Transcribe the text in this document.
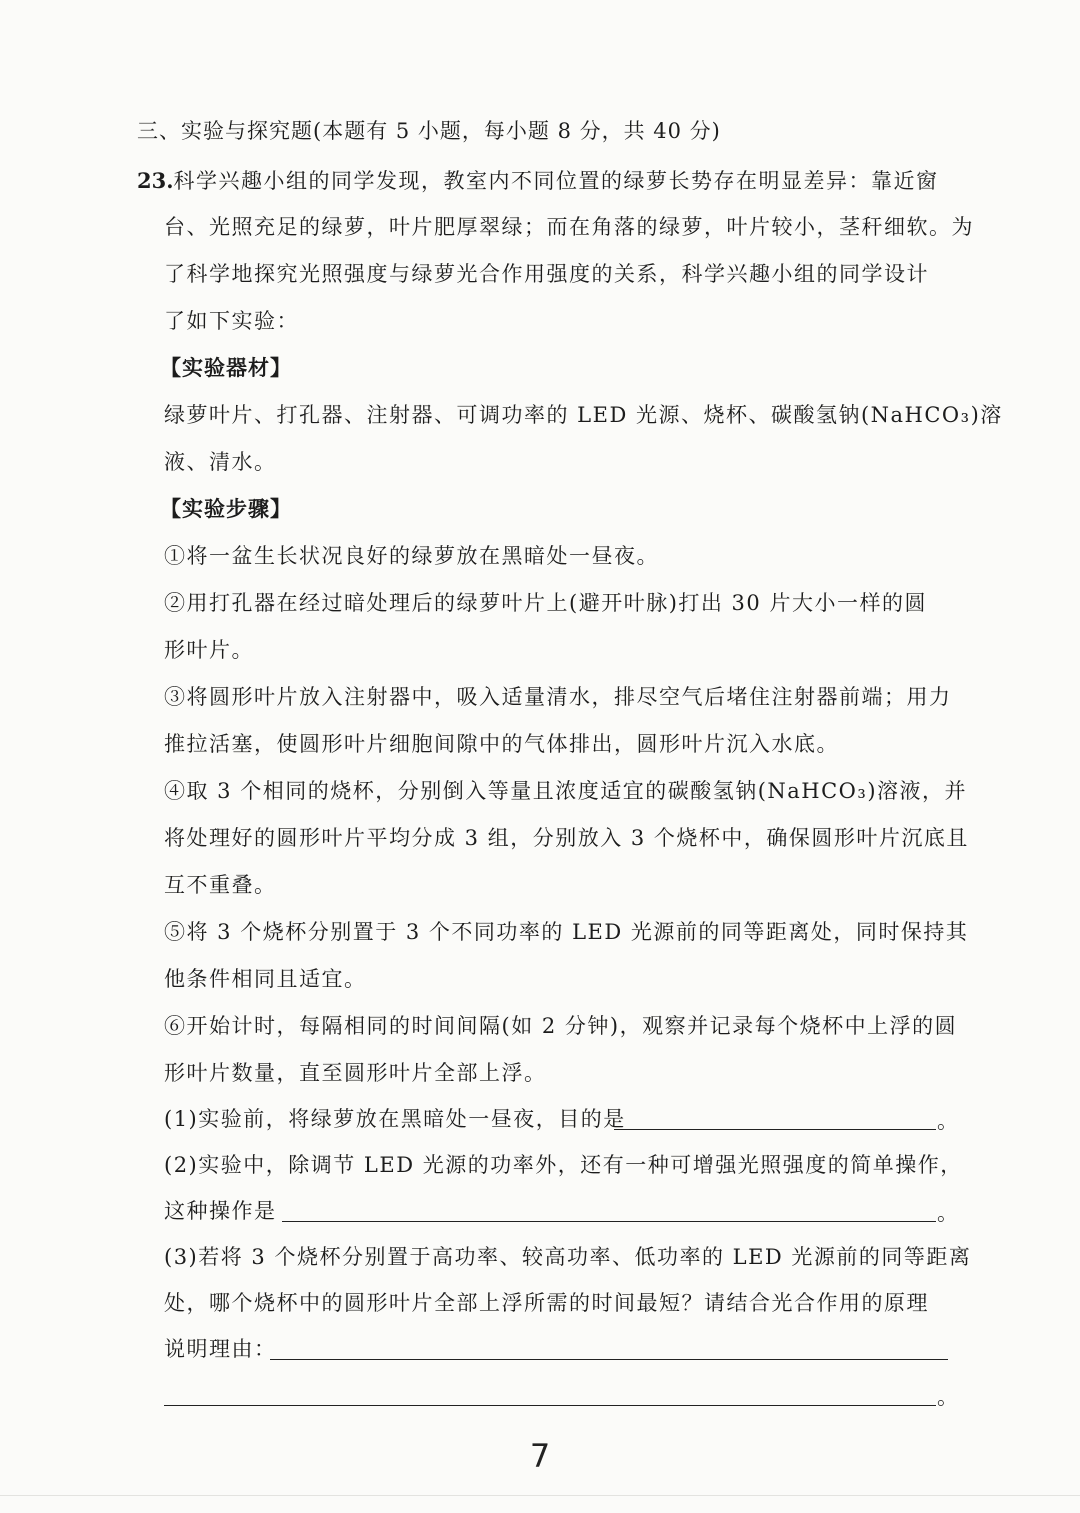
三、实验与探究题(本题有 5 小题，每小题 8 分，共 40 分)
23.科学兴趣小组的同学发现，教室内不同位置的绿萝长势存在明显差异：靠近窗
台、光照充足的绿萝，叶片肥厚翠绿；而在角落的绿萝，叶片较小，茎秆细软。为
了科学地探究光照强度与绿萝光合作用强度的关系，科学兴趣小组的同学设计
了如下实验：
【实验器材】
绿萝叶片、打孔器、注射器、可调功率的 LED 光源、烧杯、碳酸氢钠(NaHCO₃)溶
液、清水。
【实验步骤】
①将一盆生长状况良好的绿萝放在黑暗处一昼夜。
②用打孔器在经过暗处理后的绿萝叶片上(避开叶脉)打出 30 片大小一样的圆
形叶片。
③将圆形叶片放入注射器中，吸入适量清水，排尽空气后堵住注射器前端；用力
推拉活塞，使圆形叶片细胞间隙中的气体排出，圆形叶片沉入水底。
④取 3 个相同的烧杯，分别倒入等量且浓度适宜的碳酸氢钠(NaHCO₃)溶液，并
将处理好的圆形叶片平均分成 3 组，分别放入 3 个烧杯中，确保圆形叶片沉底且
互不重叠。
⑤将 3 个烧杯分别置于 3 个不同功率的 LED 光源前的同等距离处，同时保持其
他条件相同且适宜。
⑥开始计时，每隔相同的时间间隔(如 2 分钟)，观察并记录每个烧杯中上浮的圆
形叶片数量，直至圆形叶片全部上浮。
(1)实验前，将绿萝放在黑暗处一昼夜，目的是	。
(2)实验中，除调节 LED 光源的功率外，还有一种可增强光照强度的简单操作，
这种操作是	。
(3)若将 3 个烧杯分别置于高功率、较高功率、低功率的 LED 光源前的同等距离
处，哪个烧杯中的圆形叶片全部上浮所需的时间最短？请结合光合作用的原理
说明理由：
。
7
